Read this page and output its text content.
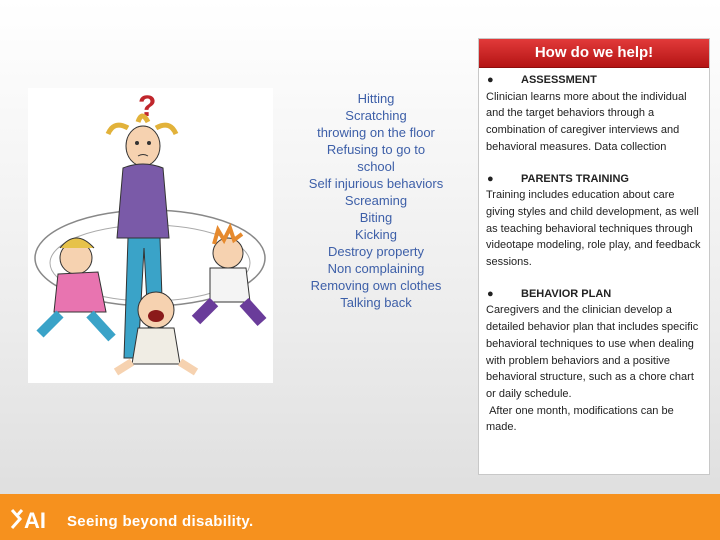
?	Hitting
Scratching
throwing on the floor
Refusing to go to
school
Self injurious behaviors
Screaming
Biting
Kicking
Destroy property
Non complaining
Removing own clothes
Talking back
How do we help!
● ASSESSMENT
Clinician learns more about the individual and the target behaviors through a combination of caregiver interviews and behavioral measures. Data collection
● PARENTS TRAINING
Training includes education about care giving styles and child development, as well as teaching behavioral techniques through videotape modeling, role play, and feedback sessions.
● BEHAVIOR PLAN
Caregivers and the clinician develop a detailed behavior plan that includes specific behavioral techniques to use when dealing with problem behaviors and a positive behavioral structure, such as a chore chart or daily schedule.
After one month, modifications can be made.
AI Seeing beyond disability.
